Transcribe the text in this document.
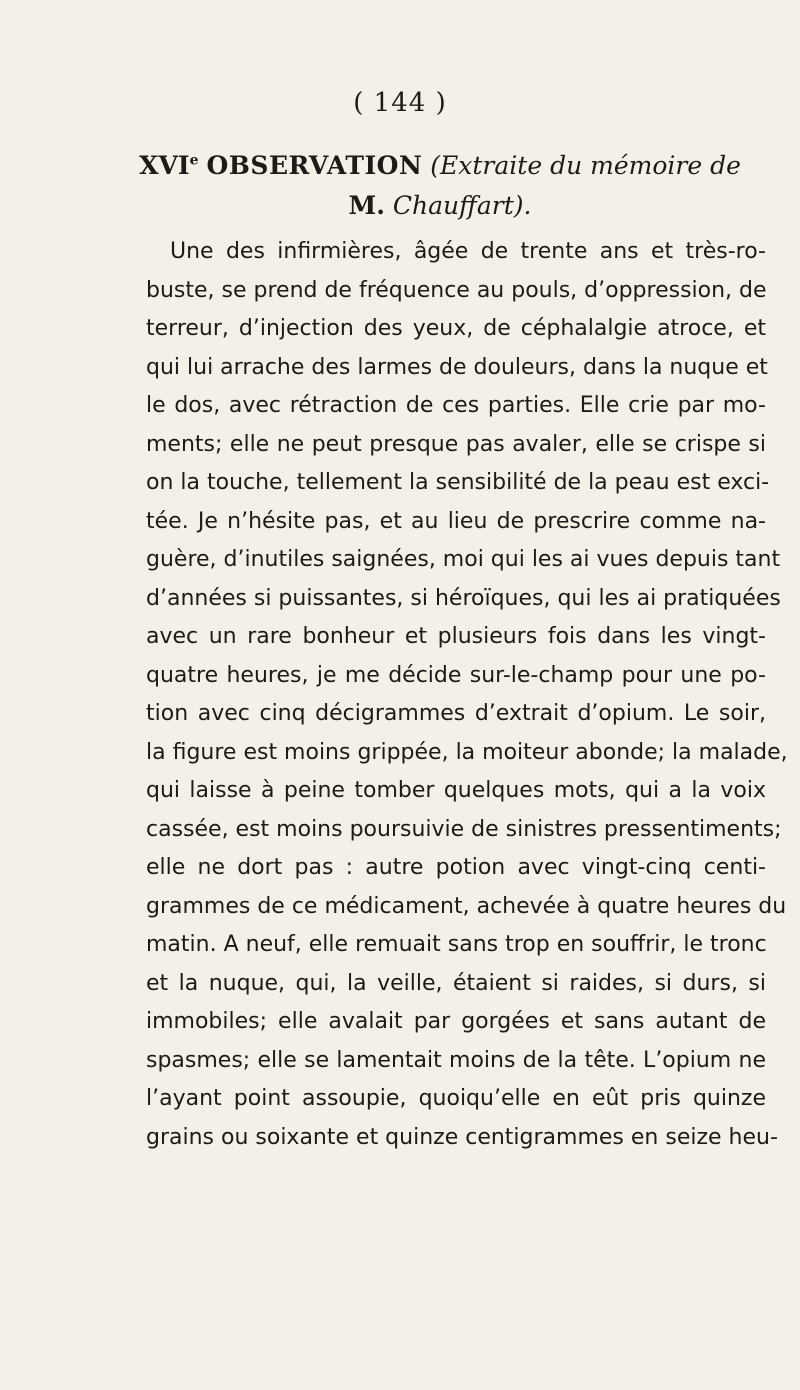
( 144 )
XVIe OBSERVATION (Extraite du mémoire de
M. Chauffart).
Une des infirmières, âgée de trente ans et très-ro-
buste, se prend de fréquence au pouls, d’oppression, de
terreur, d’injection des yeux, de céphalalgie atroce, et
qui lui arrache des larmes de douleurs, dans la nuque et
le dos, avec rétraction de ces parties. Elle crie par mo-
ments; elle ne peut presque pas avaler, elle se crispe si
on la touche, tellement la sensibilité de la peau est exci-
tée. Je n’hésite pas, et au lieu de prescrire comme na-
guère, d’inutiles saignées, moi qui les ai vues depuis tant
d’années si puissantes, si héroïques, qui les ai pratiquées
avec un rare bonheur et plusieurs fois dans les vingt-
quatre heures, je me décide sur-le-champ pour une po-
tion avec cinq décigrammes d’extrait d’opium. Le soir,
la figure est moins grippée, la moiteur abonde; la malade,
qui laisse à peine tomber quelques mots, qui a la voix
cassée, est moins poursuivie de sinistres pressentiments;
elle ne dort pas : autre potion avec vingt-cinq centi-
grammes de ce médicament, achevée à quatre heures du
matin. A neuf, elle remuait sans trop en souffrir, le tronc
et la nuque, qui, la veille, étaient si raides, si durs, si
immobiles; elle avalait par gorgées et sans autant de
spasmes; elle se lamentait moins de la tête. L’opium ne
l’ayant point assoupie, quoiqu’elle en eût pris quinze
grains ou soixante et quinze centigrammes en seize heu-
